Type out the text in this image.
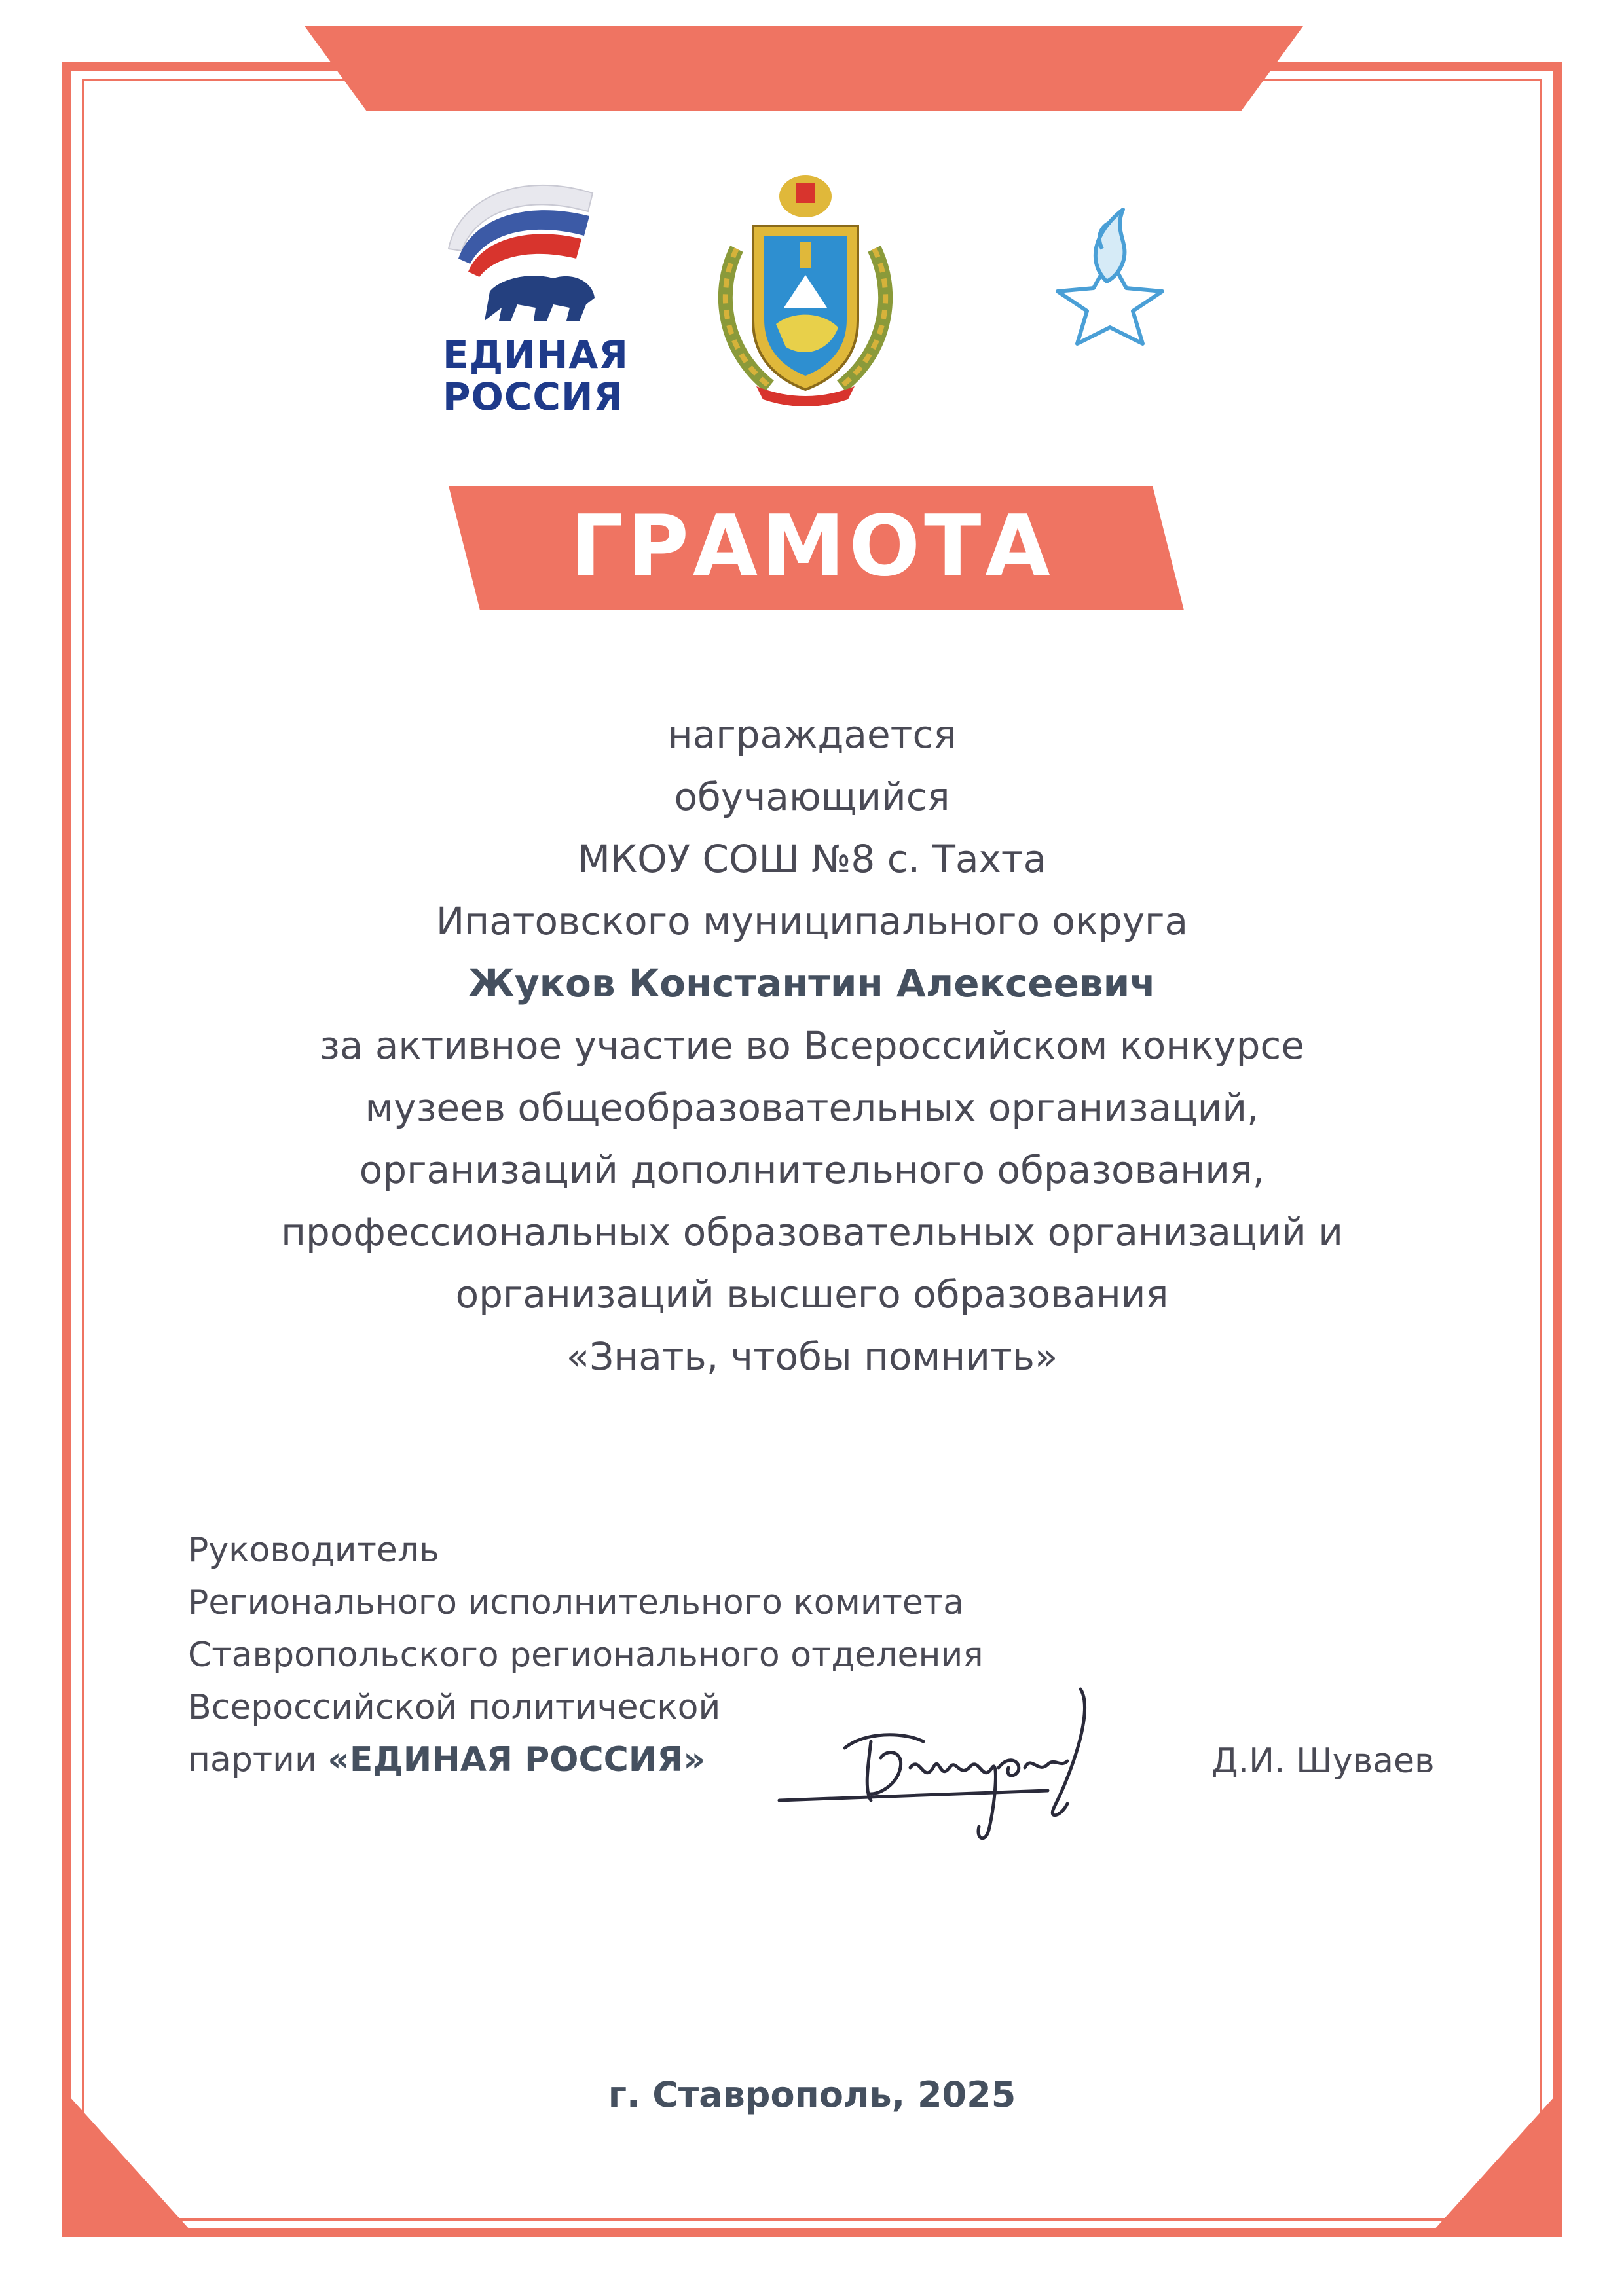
ЕДИНАЯ
РОССИЯ
ГРАМОТА
награждается
обучающийся
МКОУ СОШ №8 с. Тахта
Ипатовского муниципального округа
Жуков Константин Алексеевич
за активное участие во Всероссийском конкурсе
музеев общеобразовательных организаций,
организаций дополнительного образования,
профессиональных образовательных организаций и
организаций высшего образования
«Знать, чтобы помнить»
Руководитель
Регионального исполнительного комитета
Ставропольского регионального отделения
Всероссийской политической
партии «ЕДИНАЯ РОССИЯ»	Д.И. Шуваев
г. Ставрополь, 2025
